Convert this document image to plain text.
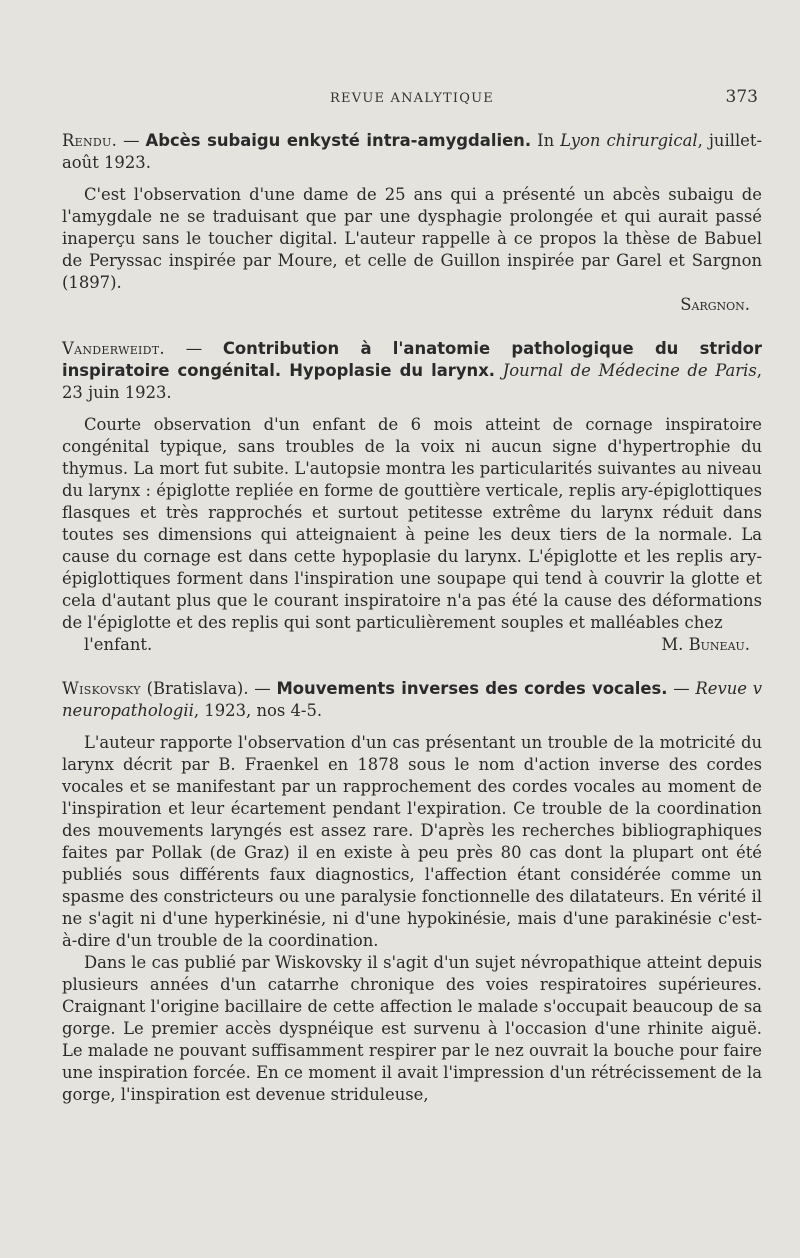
REVUE ANALYTIQUE	373

Rendu. — Abcès subaigu enkysté intra-amygdalien. In Lyon chirurgical, juillet-août 1923.

C'est l'observation d'une dame de 25 ans qui a présenté un abcès subaigu de l'amygdale ne se traduisant que par une dysphagie prolongée et qui aurait passé inaperçu sans le toucher digital. L'auteur rappelle à ce propos la thèse de Babuel de Peryssac inspirée par Moure, et celle de Guillon inspirée par Garel et Sargnon (1897).

Sargnon.

Vanderweidt. — Contribution à l'anatomie pathologique du stridor inspiratoire congénital. Hypoplasie du larynx. Journal de Médecine de Paris, 23 juin 1923.

Courte observation d'un enfant de 6 mois atteint de cornage inspiratoire congénital typique, sans troubles de la voix ni aucun signe d'hypertrophie du thymus. La mort fut subite. L'autopsie montra les particularités suivantes au niveau du larynx : épiglotte repliée en forme de gouttière verticale, replis ary-épiglottiques flasques et très rapprochés et surtout petitesse extrême du larynx réduit dans toutes ses dimensions qui atteignaient à peine les deux tiers de la normale. La cause du cornage est dans cette hypoplasie du larynx. L'épiglotte et les replis ary-épiglottiques forment dans l'inspiration une soupape qui tend à couvrir la glotte et cela d'autant plus que le courant inspiratoire n'a pas été la cause des déformations de l'épiglotte et des replis qui sont particulièrement souples et malléables chez

l'enfant.	M. Buneau.

Wiskovsky (Bratislava). — Mouvements inverses des cordes vocales. — Revue v neuropathologii, 1923, nos 4-5.

L'auteur rapporte l'observation d'un cas présentant un trouble de la motricité du larynx décrit par B. Fraenkel en 1878 sous le nom d'action inverse des cordes vocales et se manifestant par un rapprochement des cordes vocales au moment de l'inspiration et leur écartement pendant l'expiration. Ce trouble de la coordination des mouvements laryngés est assez rare. D'après les recherches bibliographiques faites par Pollak (de Graz) il en existe à peu près 80 cas dont la plupart ont été publiés sous différents faux diagnostics, l'affection étant considérée comme un spasme des constricteurs ou une paralysie fonctionnelle des dilatateurs. En vérité il ne s'agit ni d'une hyperkinésie, ni d'une hypokinésie, mais d'une parakinésie c'est-à-dire d'un trouble de la coordination.

Dans le cas publié par Wiskovsky il s'agit d'un sujet névropathique atteint depuis plusieurs années d'un catarrhe chronique des voies respiratoires supérieures. Craignant l'origine bacillaire de cette affection le malade s'occupait beaucoup de sa gorge. Le premier accès dyspnéique est survenu à l'occasion d'une rhinite aiguë. Le malade ne pouvant suffisamment respirer par le nez ouvrait la bouche pour faire une inspiration forcée. En ce moment il avait l'impression d'un rétrécissement de la gorge, l'inspiration est devenue striduleuse,
